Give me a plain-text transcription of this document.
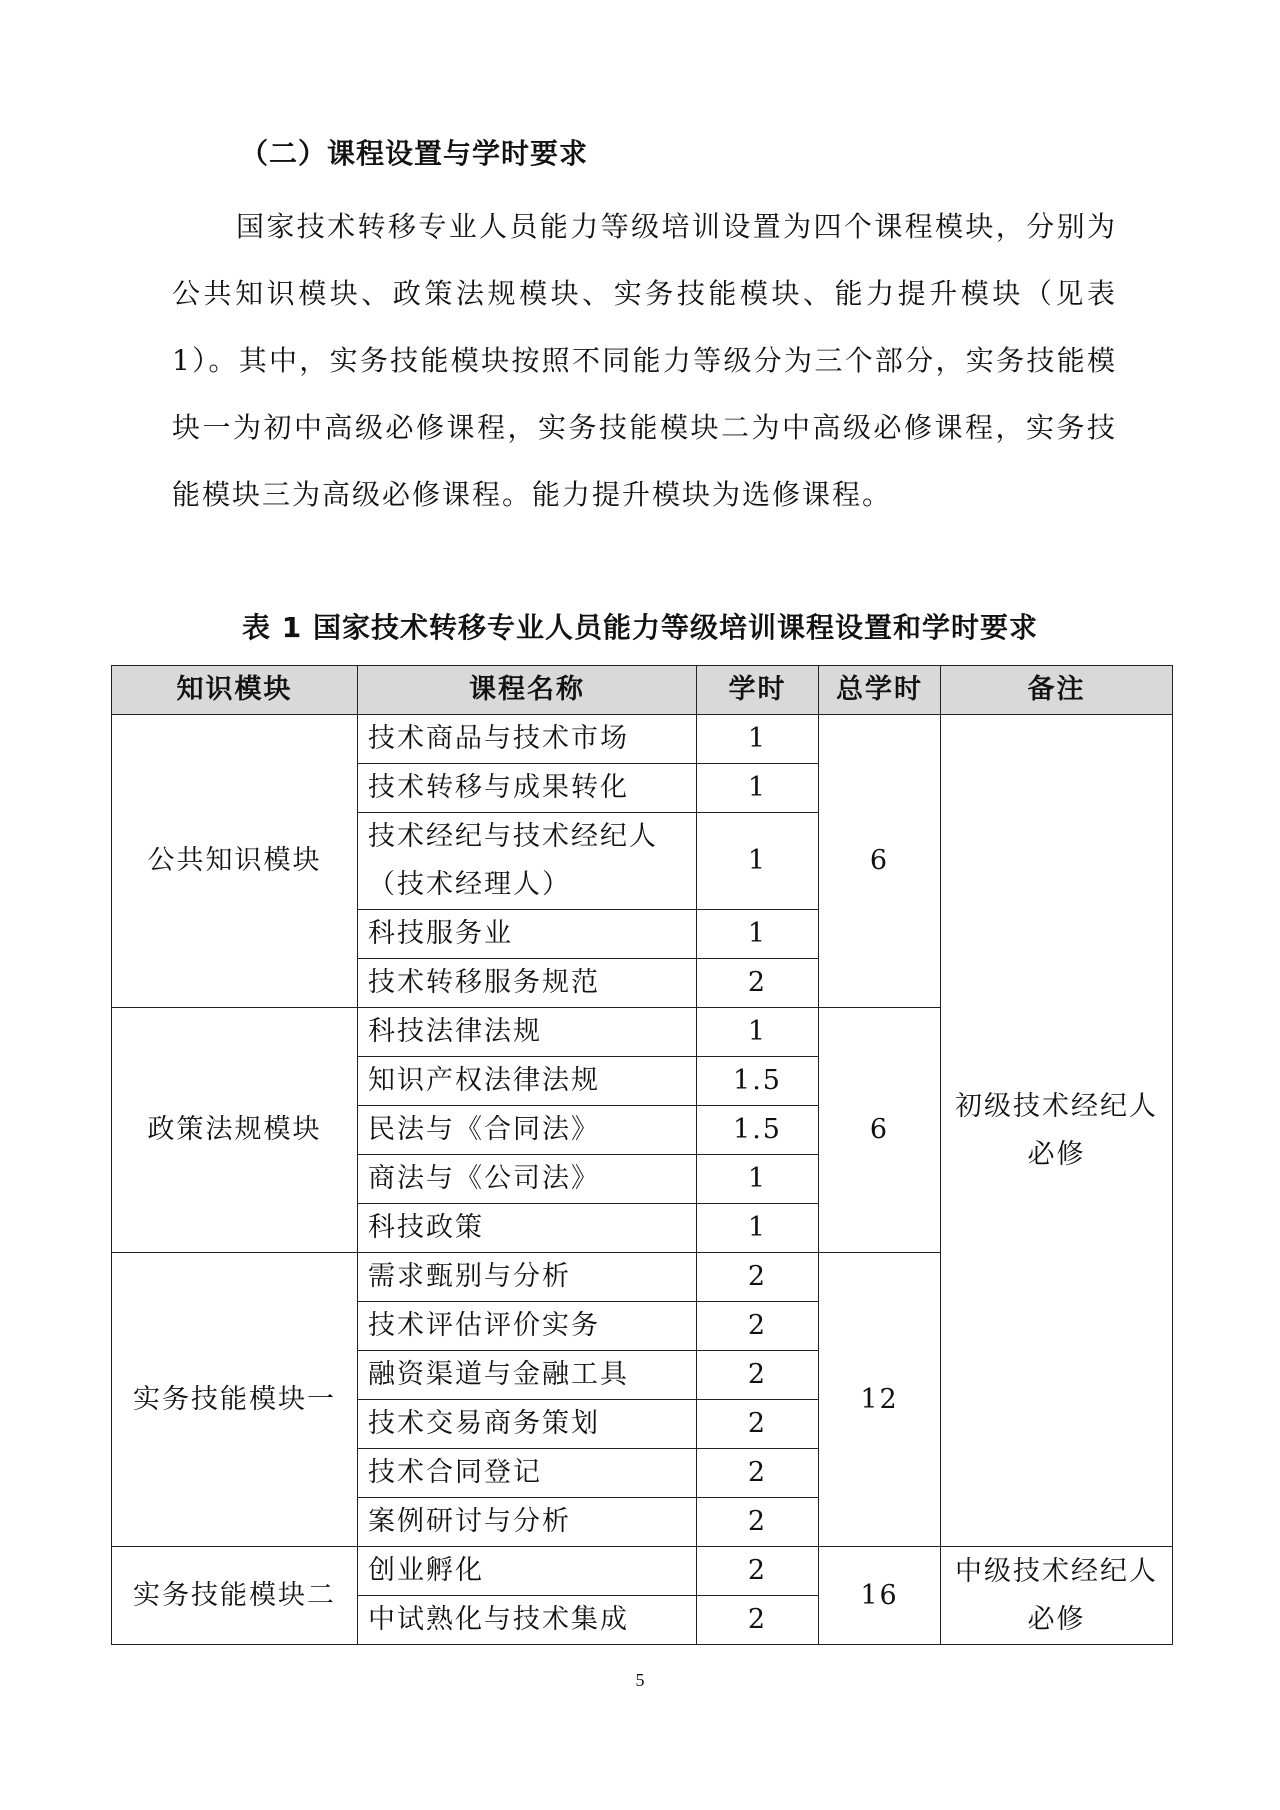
（二）课程设置与学时要求

国家技术转移专业人员能力等级培训设置为四个课程模块，分别为公共知识模块、政策法规模块、实务技能模块、能力提升模块（见表1）。其中，实务技能模块按照不同能力等级分为三个部分，实务技能模块一为初中高级必修课程，实务技能模块二为中高级必修课程，实务技能模块三为高级必修课程。能力提升模块为选修课程。

表 1 国家技术转移专业人员能力等级培训课程设置和学时要求
知识模块	课程名称	学时	总学时	备注
公共知识模块	技术商品与技术市场	1	6	初级技术经纪人必修
	技术转移与成果转化	1		
	技术经纪与技术经纪人（技术经理人）	1		
	科技服务业	1		
	技术转移服务规范	2		
政策法规模块	科技法律法规	1	6	
	知识产权法律法规	1.5		
	民法与《合同法》	1.5		
	商法与《公司法》	1		
	科技政策	1		
实务技能模块一	需求甄别与分析	2	12	
	技术评估评价实务	2		
	融资渠道与金融工具	2		
	技术交易商务策划	2		
	技术合同登记	2		
	案例研讨与分析	2		
实务技能模块二	创业孵化	2	16	中级技术经纪人必修
	中试熟化与技术集成	2		

5
